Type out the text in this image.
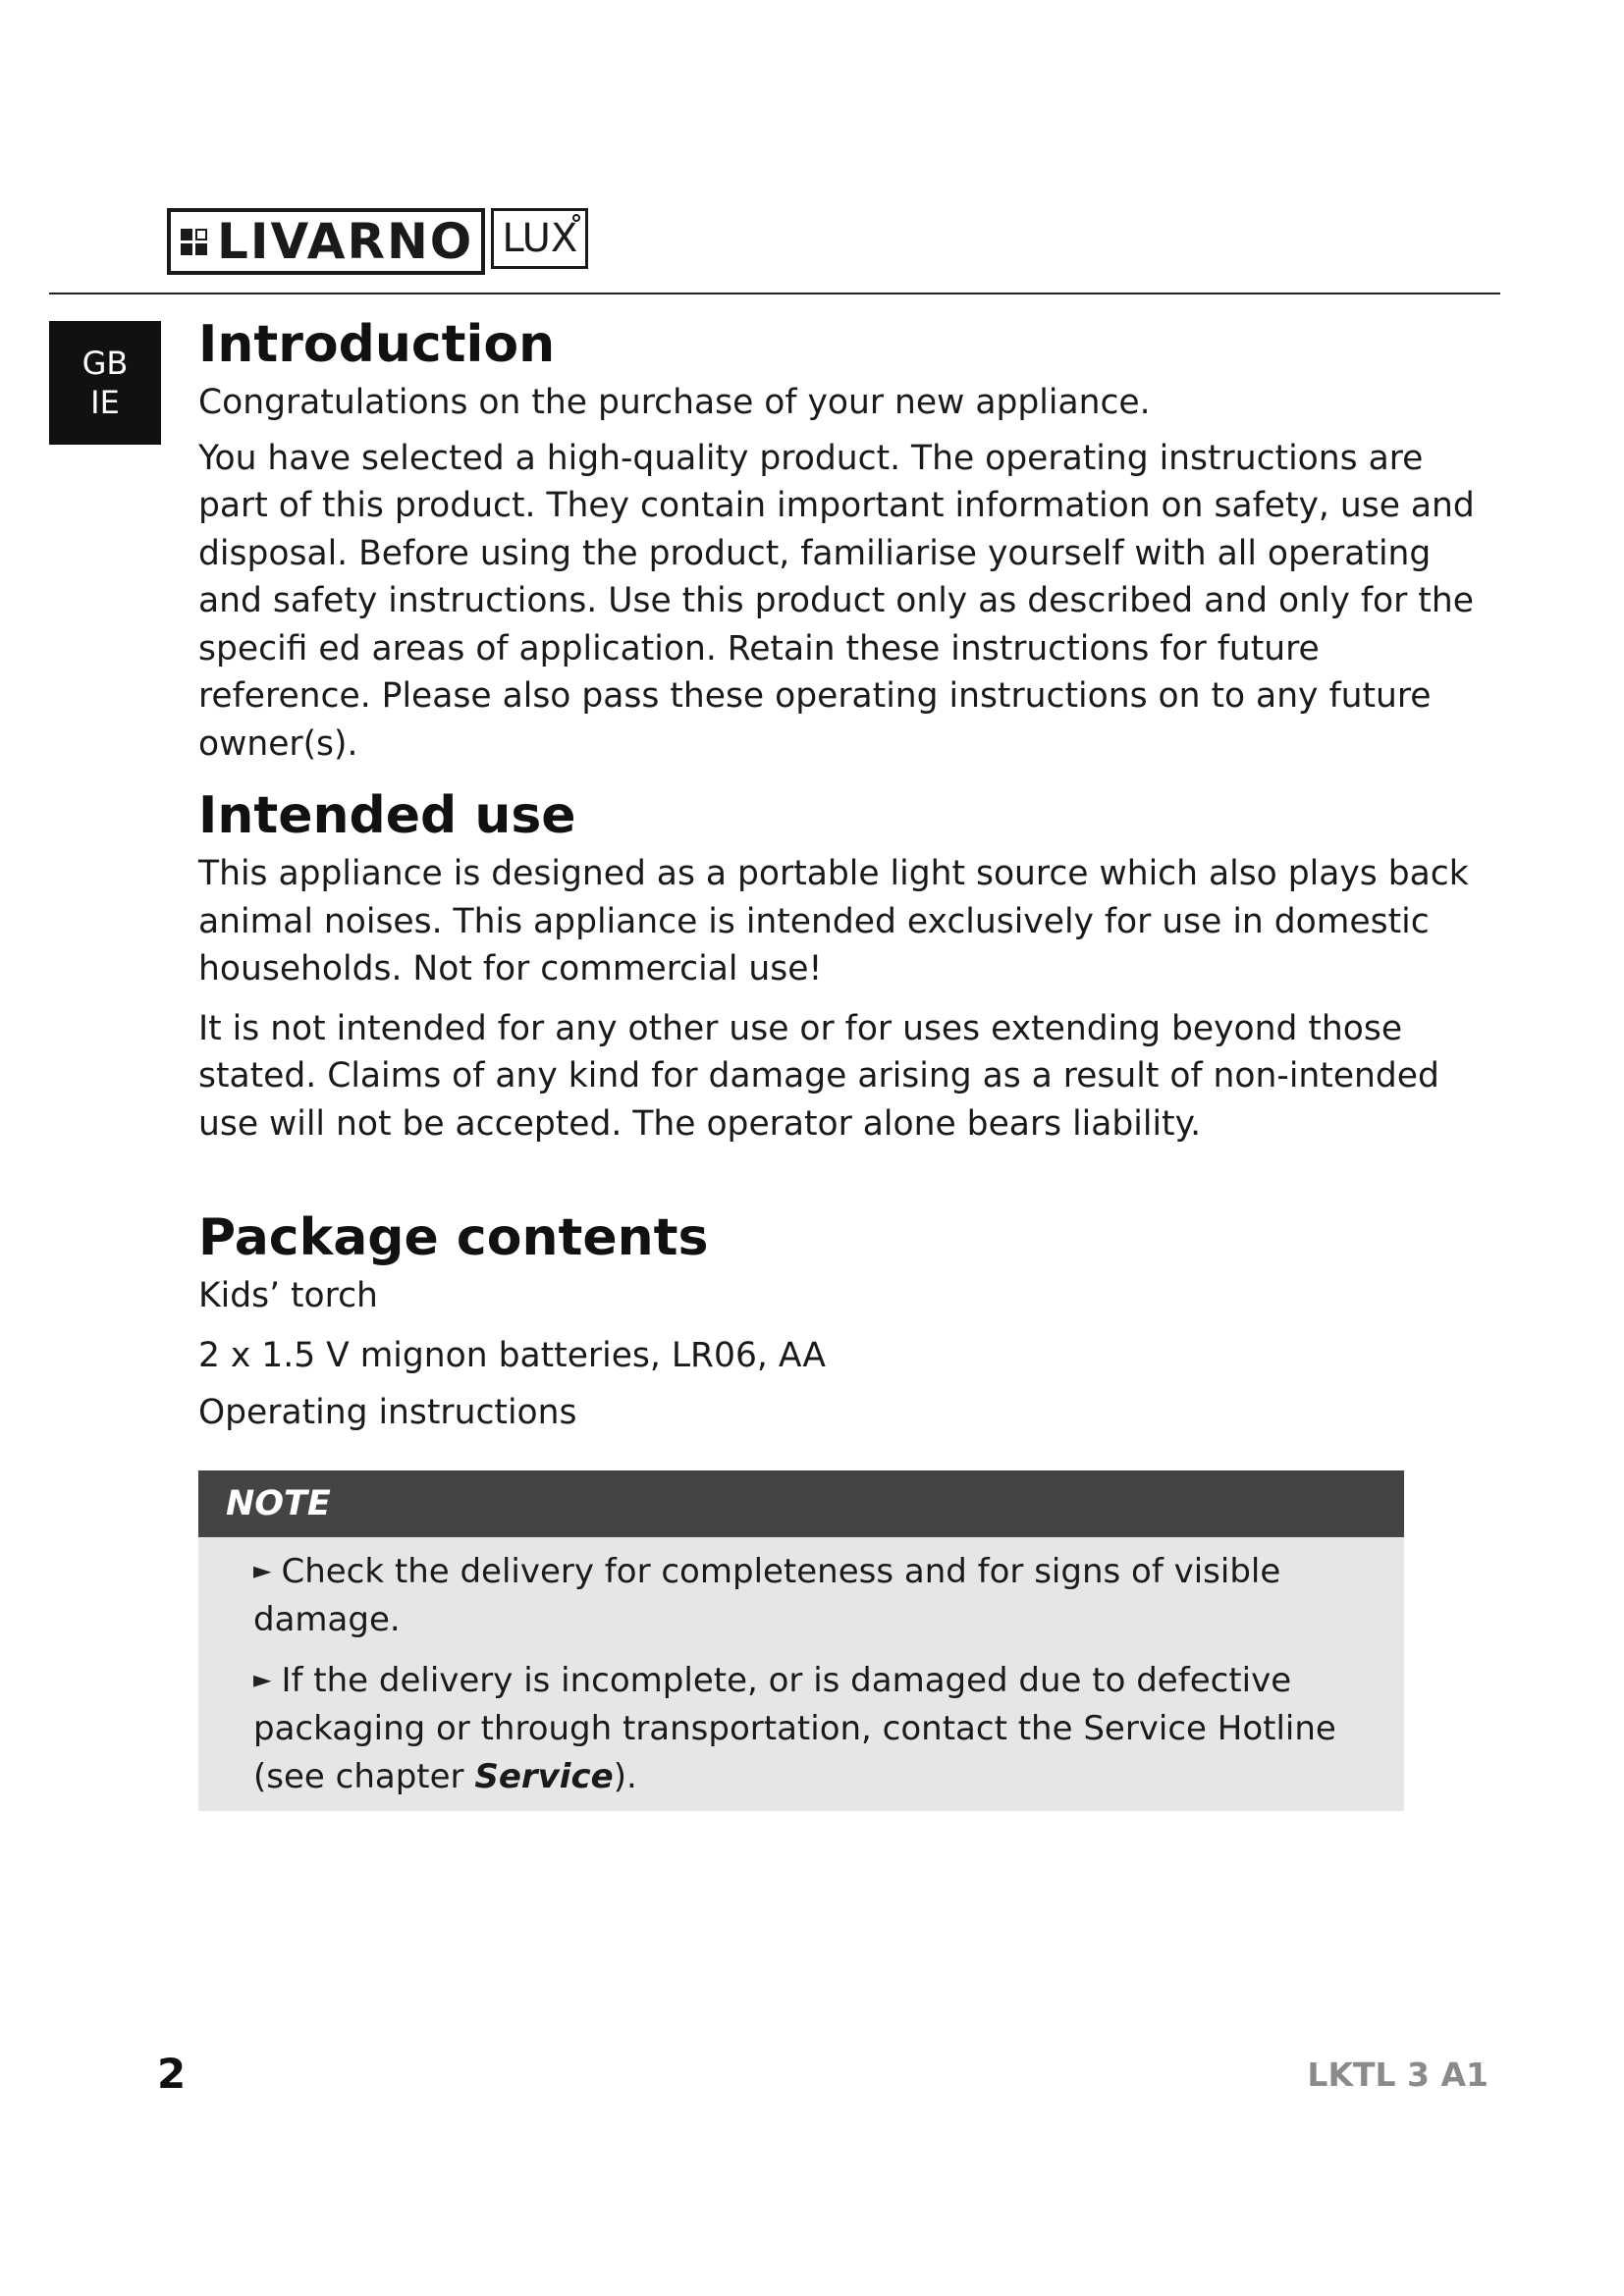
LIVARNO LUX
GB
IE
Introduction

Congratulations on the purchase of your new appliance.

You have selected a high-quality product. The operating instructions are part of this product. They contain important information on safety, use and disposal. Before using the product, familiarise yourself with all operating and safety instructions. Use this product only as described and only for the specifi ed areas of application. Retain these instructions for future reference. Please also pass these operating instructions on to any future owner(s).

Intended use

This appliance is designed as a portable light source which also plays back animal noises. This appliance is intended exclusively for use in domestic households. Not for commercial use!

It is not intended for any other use or for uses extending beyond those stated. Claims of any kind for damage arising as a result of non-intended use will not be accepted. The operator alone bears liability.

Package contents

Kids’ torch

2 x 1.5 V mignon batteries, LR06, AA

Operating instructions

NOTE
► Check the delivery for completeness and for signs of visible damage.
► If the delivery is incomplete, or is damaged due to defective packaging or through transportation, contact the Service Hotline (see chapter Service).
2	LKTL 3 A1
